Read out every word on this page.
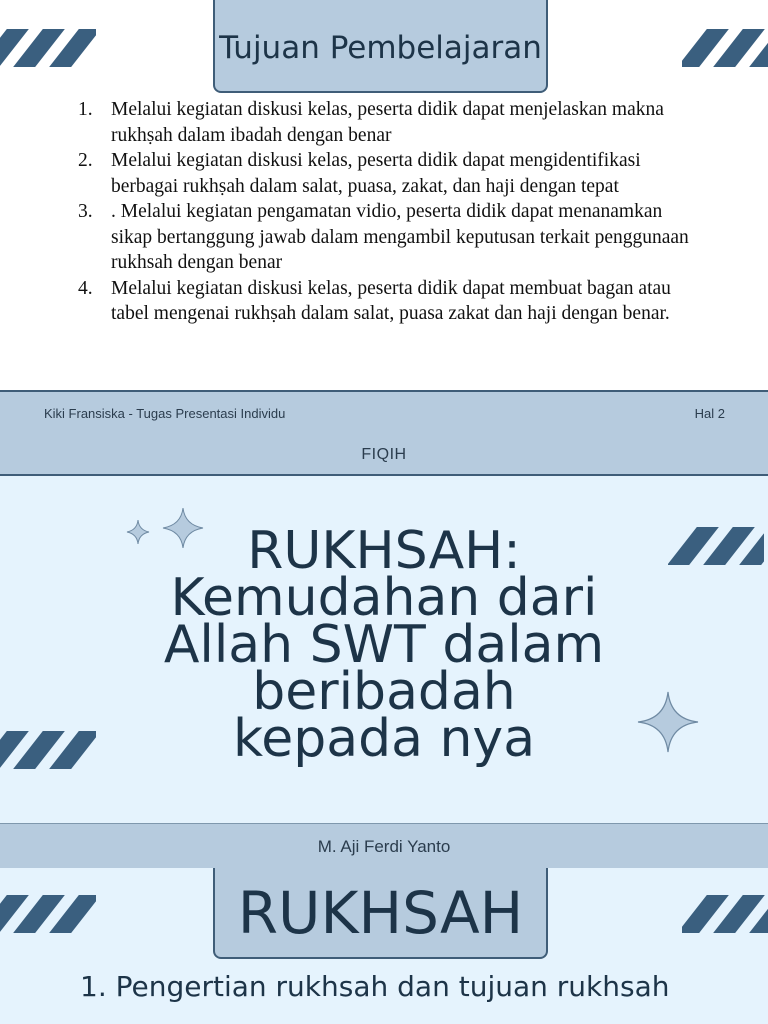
Tujuan Pembelajaran
1. Melalui kegiatan diskusi kelas, peserta didik dapat menjelaskan makna rukhṣah dalam ibadah dengan benar
2. Melalui kegiatan diskusi kelas, peserta didik dapat mengidentifikasi berbagai rukhṣah dalam salat, puasa, zakat, dan haji dengan tepat
3. . Melalui kegiatan pengamatan vidio, peserta didik dapat menanamkan sikap bertanggung jawab dalam mengambil keputusan terkait penggunaan rukhsah dengan benar
4. Melalui kegiatan diskusi kelas, peserta didik dapat membuat bagan atau tabel mengenai rukhṣah dalam salat, puasa zakat dan haji dengan benar.
Kiki Fransiska - Tugas Presentasi Individu	Hal 2
FIQIH
RUKHSAH:
Kemudahan dari
Allah SWT dalam
beribadah
kepada nya
M. Aji Ferdi Yanto
RUKHSAH
1. Pengertian rukhsah dan tujuan rukhsah
